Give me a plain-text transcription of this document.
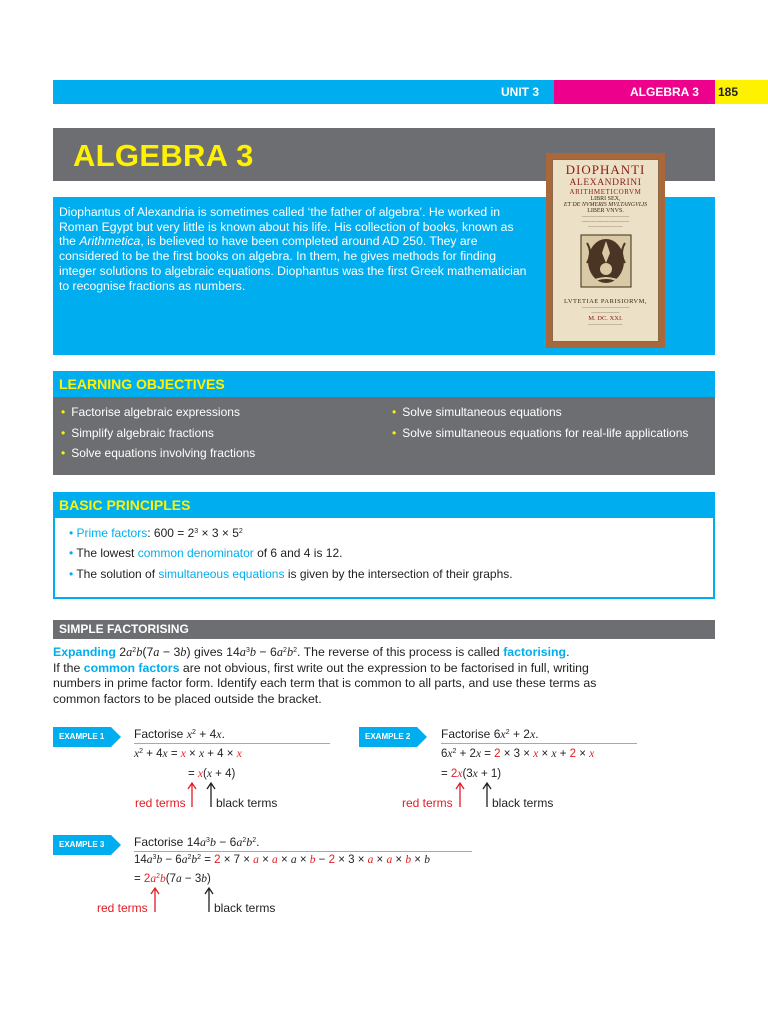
UNIT 3	ALGEBRA 3 185
ALGEBRA 3

Diophantus of Alexandria is sometimes called ‘the father of algebra’. He worked in Roman Egypt but very little is known about his life. His collection of books, known as the Arithmetica, is believed to have been completed around AD 250. They are considered to be the first books on algebra. In them, he gives methods for finding integer solutions to algebraic equations. Diophantus was the first Greek mathematician to recognise fractions as numbers.

DIOPHANTI
ALEXANDRINI
ARITHMETICORVM
LIBRI SEX,
ET DE NVMERIS MVLTANGVLIS
LIBER VNVS.
~~~~~~~~~~~~~~~~~~~~~~
~~~~~~~~~~~~~~~~~~~~~~
~~~~~~~~~~~~~~~~
LVTETIAE PARISIORVM,
~~~~~~~~~~~~~~~~~~~~~~
~~~~~~~~~~~~~
M. DC. XXI.
~~~~~~~~~~~~~~~~
LEARNING OBJECTIVES
• Factorise algebraic expressions
• Simplify algebraic fractions
• Solve equations involving fractions
• Solve simultaneous equations
• Solve simultaneous equations for real-life applications
BASIC PRINCIPLES
• Prime factors: $600 = 2^3 \times 3 \times 5^2$
• The lowest common denominator of 6 and 4 is 12.
• The solution of simultaneous equations is given by the intersection of their graphs.
SIMPLE FACTORISING
Expanding $2a^2b(7a - 3b)$ gives $14a^3b - 6a^2b^2$. The reverse of this process is called factorising.
If the common factors are not obvious, first write out the expression to be factorised in full, writing numbers in prime factor form. Identify each term that is common to all parts, and use these terms as common factors to be placed outside the bracket.
EXAMPLE 1	Factorise $x^2 + 4x$.
$x^2 + 4x = x \times x + 4 \times x$
= x(x + 4)
red terms	black terms
EXAMPLE 2	Factorise $6x^2 + 2x$.
$6x^2 + 2x = 2 \times 3 \times x \times x + 2 \times x$
= 2x(3x + 1)
red terms	black terms
EXAMPLE 3	Factorise $14a^3b - 6a^2b^2$.
$14a^3b - 6a^2b^2 = 2 \times 7 \times a \times a \times a \times b - 2 \times 3 \times a \times a \times b \times b$
= $2a^2b(7a - 3b)$
red terms	black terms
